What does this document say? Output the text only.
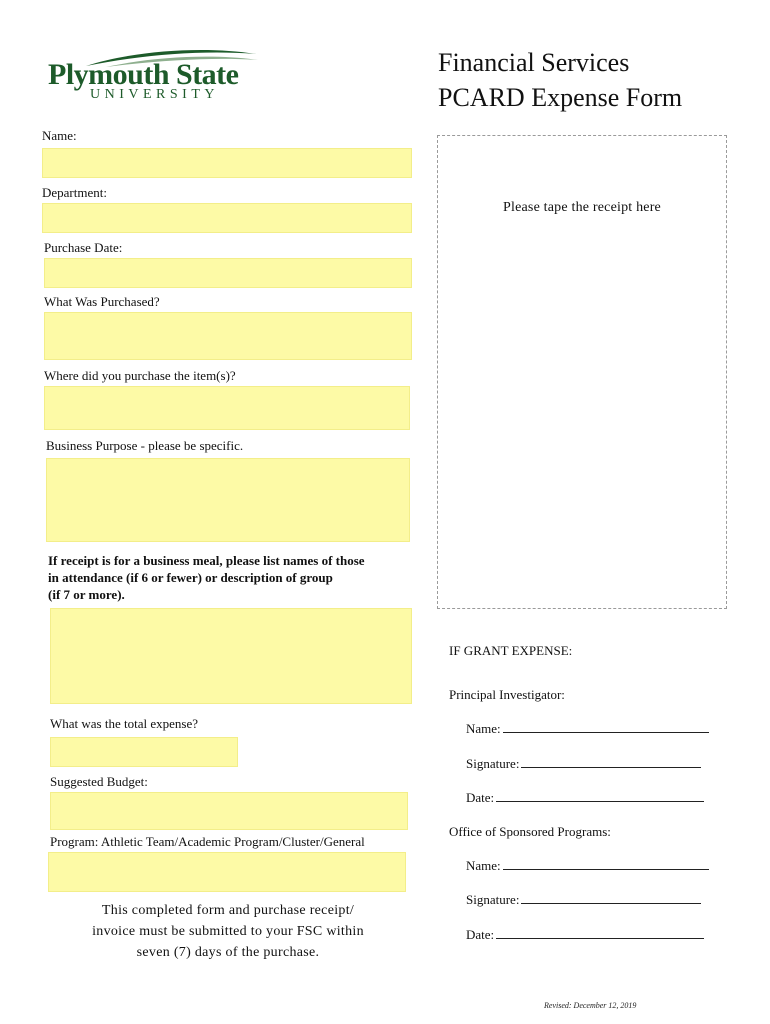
Plymouth State
UNIVERSITY
Financial Services
PCARD Expense Form
Name:
Department:
Purchase Date:
What Was Purchased?
Where did you purchase the item(s)?
Business Purpose - please be specific.
If receipt is for a business meal, please list names of those
in attendance (if 6 or fewer) or description of group
(if 7 or more).
What was the total expense?
Suggested Budget:
Program: Athletic Team/Academic Program/Cluster/General
This completed form and purchase receipt/
invoice must be submitted to your FSC within
seven (7) days of the purchase.
Please tape the receipt here
IF GRANT EXPENSE:
Principal Investigator:
Name:
Signature:
Date:
Office of Sponsored Programs:
Name:
Signature:
Date:
Revised: December 12, 2019
